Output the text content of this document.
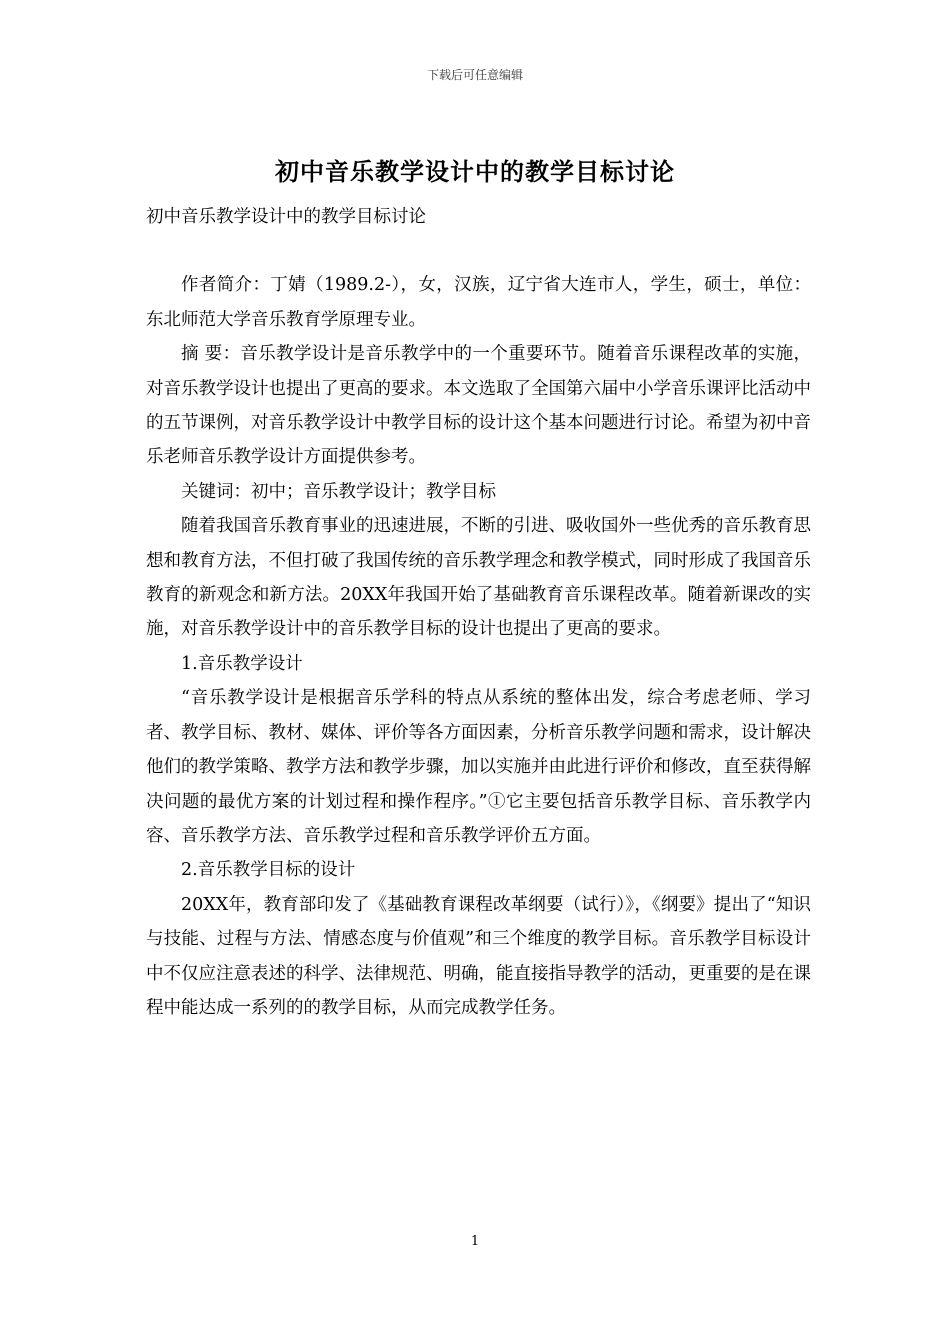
下载后可任意编辑
初中音乐教学设计中的教学目标讨论

初中音乐教学设计中的教学目标讨论

作者简介：丁婧（1989.2-），女，汉族，辽宁省大连市人，学生，硕士，单位：东北师范大学音乐教育学原理专业。

摘 要：音乐教学设计是音乐教学中的一个重要环节。随着音乐课程改革的实施，对音乐教学设计也提出了更高的要求。本文选取了全国第六届中小学音乐课评比活动中的五节课例，对音乐教学设计中教学目标的设计这个基本问题进行讨论。希望为初中音乐老师音乐教学设计方面提供参考。

关键词：初中；音乐教学设计；教学目标

随着我国音乐教育事业的迅速进展，不断的引进、吸收国外一些优秀的音乐教育思想和教育方法，不但打破了我国传统的音乐教学理念和教学模式，同时形成了我国音乐教育的新观念和新方法。20XX年我国开始了基础教育音乐课程改革。随着新课改的实施，对音乐教学设计中的音乐教学目标的设计也提出了更高的要求。

1.音乐教学设计

“音乐教学设计是根据音乐学科的特点从系统的整体出发，综合考虑老师、学习者、教学目标、教材、媒体、评价等各方面因素，分析音乐教学问题和需求，设计解决他们的教学策略、教学方法和教学步骤，加以实施并由此进行评价和修改，直至获得解决问题的最优方案的计划过程和操作程序。”①它主要包括音乐教学目标、音乐教学内容、音乐教学方法、音乐教学过程和音乐教学评价五方面。

2.音乐教学目标的设计

20XX年，教育部印发了《基础教育课程改革纲要（试行）》，《纲要》提出了“知识与技能、过程与方法、情感态度与价值观”和三个维度的教学目标。音乐教学目标设计中不仅应注意表述的科学、法律规范、明确，能直接指导教学的活动，更重要的是在课程中能达成一系列的的教学目标，从而完成教学任务。

1
